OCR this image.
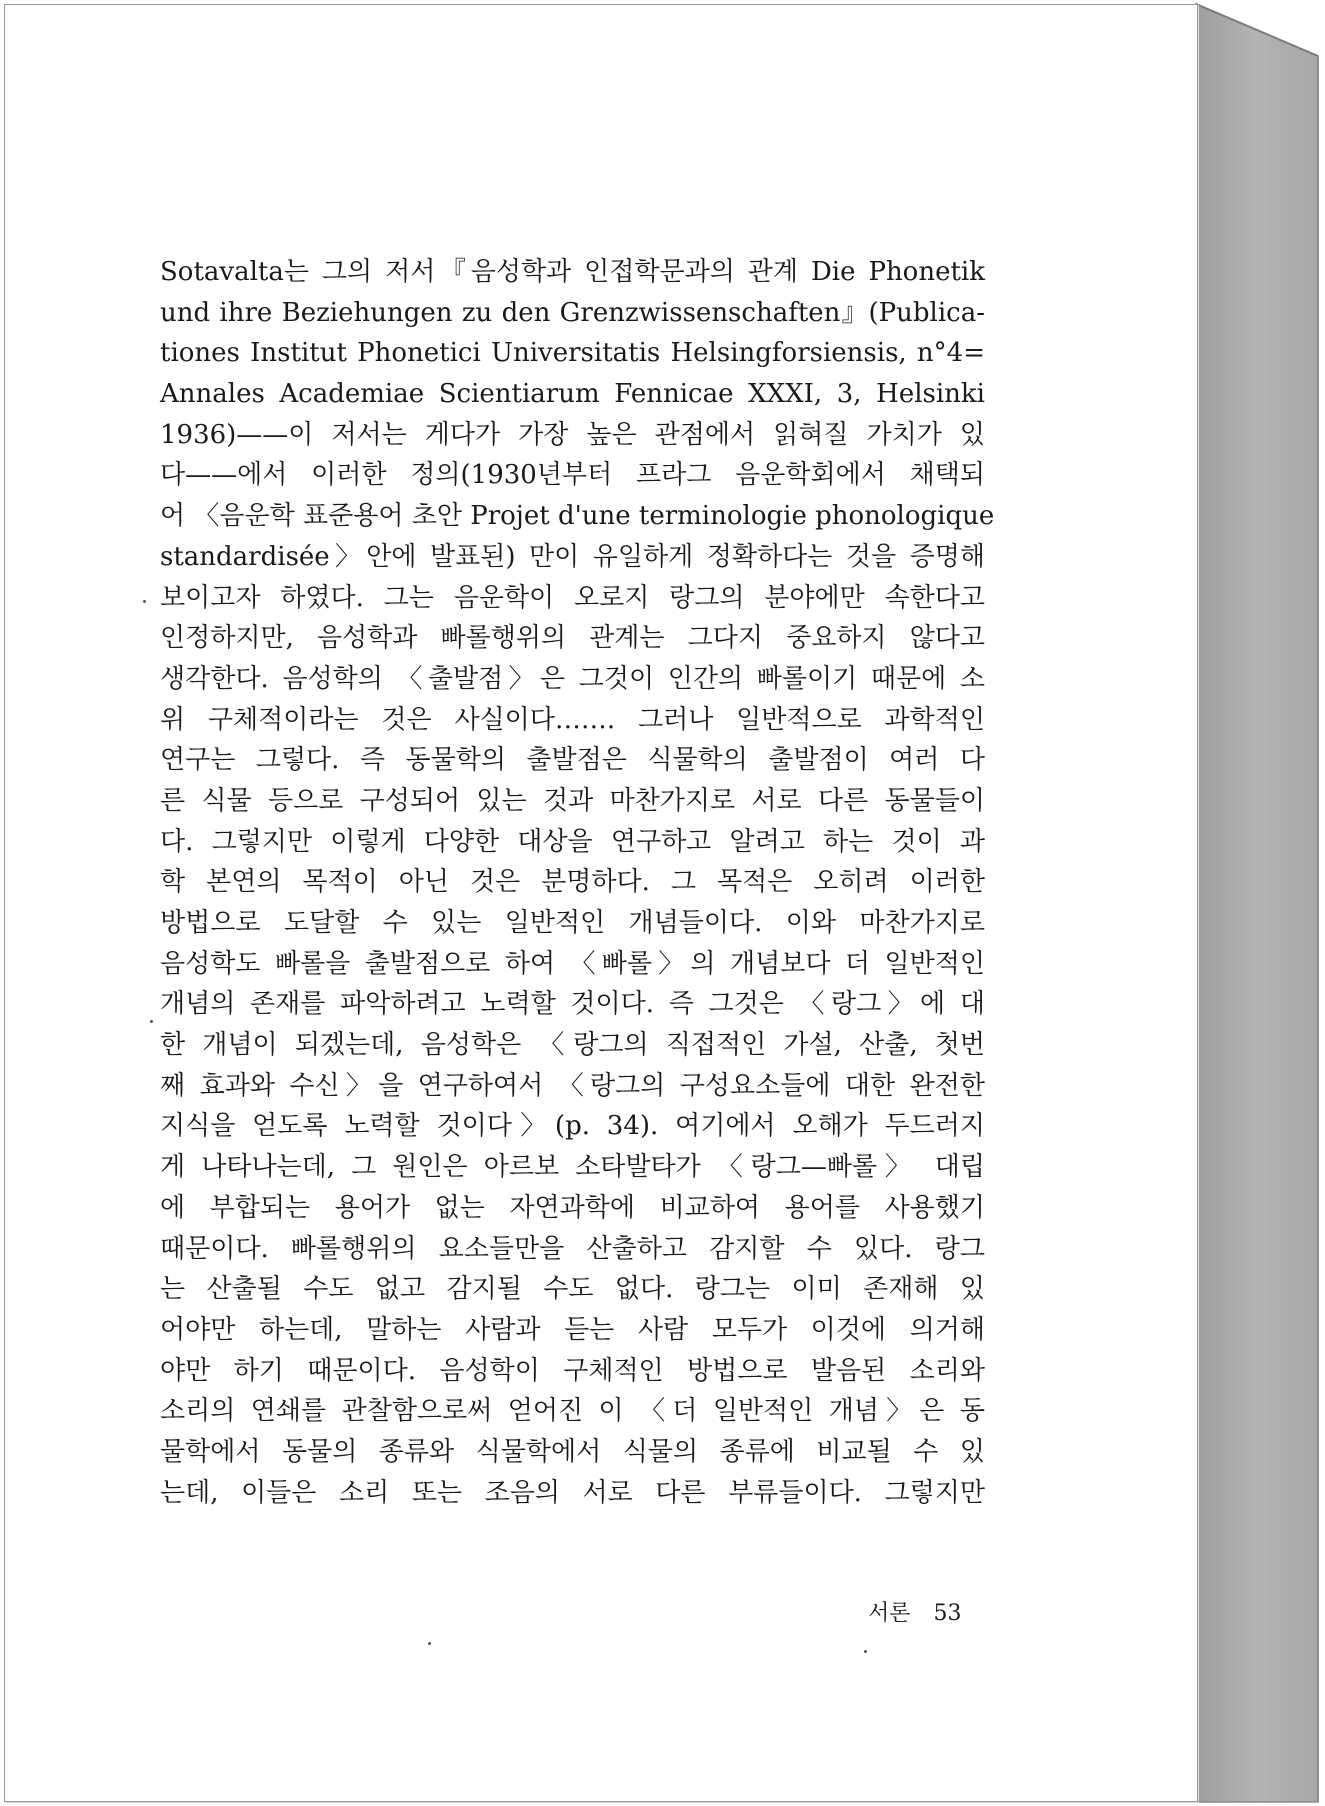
Sotavalta는 그의 저서『음성학과 인접학문과의 관계 Die Phonetik
und ihre Beziehungen zu den Grenzwissenschaften』(Publica-
tiones Institut Phonetici Universitatis Helsingforsiensis, n°4=
Annales Academiae Scientiarum Fennicae XXXI, 3, Helsinki
1936)——이 저서는 게다가 가장 높은 관점에서 읽혀질 가치가 있
다——에서 이러한 정의(1930년부터 프라그 음운학회에서 채택되
어 〈음운학 표준용어 초안 Projet d'une terminologie phonologique
standardisée〉안에 발표된) 만이 유일하게 정확하다는 것을 증명해
보이고자 하였다. 그는 음운학이 오로지 랑그의 분야에만 속한다고
인정하지만, 음성학과 빠롤행위의 관계는 그다지 중요하지 않다고
생각한다. 음성학의 〈출발점〉은 그것이 인간의 빠롤이기 때문에 소
위 구체적이라는 것은 사실이다……. 그러나 일반적으로 과학적인
연구는 그렇다. 즉 동물학의 출발점은 식물학의 출발점이 여러 다
른 식물 등으로 구성되어 있는 것과 마찬가지로 서로 다른 동물들이
다. 그렇지만 이렇게 다양한 대상을 연구하고 알려고 하는 것이 과
학 본연의 목적이 아닌 것은 분명하다. 그 목적은 오히려 이러한
방법으로 도달할 수 있는 일반적인 개념들이다. 이와 마찬가지로
음성학도 빠롤을 출발점으로 하여 〈빠롤〉의 개념보다 더 일반적인
개념의 존재를 파악하려고 노력할 것이다. 즉 그것은 〈랑그〉에 대
한 개념이 되겠는데, 음성학은 〈랑그의 직접적인 가설, 산출, 첫번
째 효과와 수신〉을 연구하여서 〈랑그의 구성요소들에 대한 완전한
지식을 얻도록 노력할 것이다〉(p. 34). 여기에서 오해가 두드러지
게 나타나는데, 그 원인은 아르보 소타발타가 〈랑그—빠롤〉 대립
에 부합되는 용어가 없는 자연과학에 비교하여 용어를 사용했기
때문이다. 빠롤행위의 요소들만을 산출하고 감지할 수 있다. 랑그
는 산출될 수도 없고 감지될 수도 없다. 랑그는 이미 존재해 있
어야만 하는데, 말하는 사람과 듣는 사람 모두가 이것에 의거해
야만 하기 때문이다. 음성학이 구체적인 방법으로 발음된 소리와
소리의 연쇄를 관찰함으로써 얻어진 이 〈더 일반적인 개념〉은 동
물학에서 동물의 종류와 식물학에서 식물의 종류에 비교될 수 있
는데, 이들은 소리 또는 조음의 서로 다른 부류들이다. 그렇지만
서론 53
